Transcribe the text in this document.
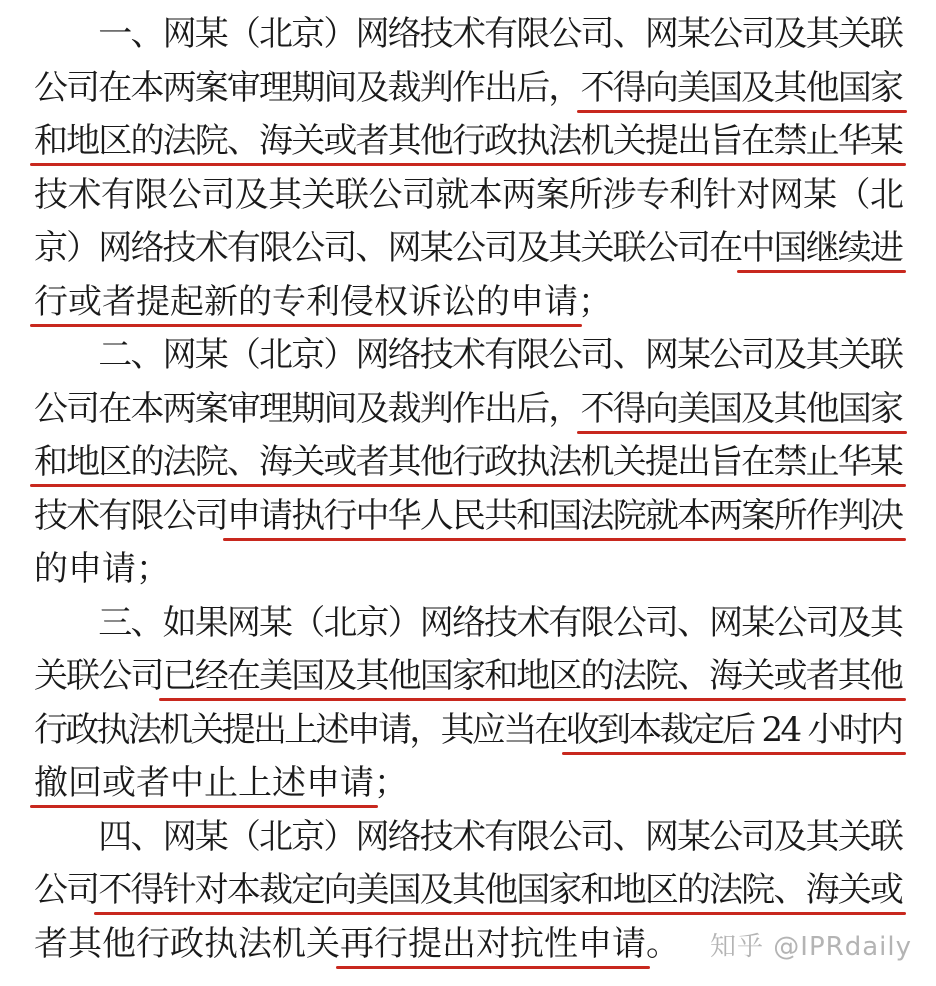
　　一、网某（北京）网络技术有限公司、网某公司及其关联
公司在本两案审理期间及裁判作出后，不得向美国及其他国家
和地区的法院、海关或者其他行政执法机关提出旨在禁止华某
技术有限公司及其关联公司就本两案所涉专利针对网某（北
京）网络技术有限公司、网某公司及其关联公司在中国继续进
行或者提起新的专利侵权诉讼的申请；
　　二、网某（北京）网络技术有限公司、网某公司及其关联
公司在本两案审理期间及裁判作出后，不得向美国及其他国家
和地区的法院、海关或者其他行政执法机关提出旨在禁止华某
技术有限公司申请执行中华人民共和国法院就本两案所作判决
的申请；
　　三、如果网某（北京）网络技术有限公司、网某公司及其
关联公司已经在美国及其他国家和地区的法院、海关或者其他
行政执法机关提出上述申请，其应当在收到本裁定后 24 小时内
撤回或者中止上述申请；
　　四、网某（北京）网络技术有限公司、网某公司及其关联
公司不得针对本裁定向美国及其他国家和地区的法院、海关或
者其他行政执法机关再行提出对抗性申请。 知乎 @IPRdaily
